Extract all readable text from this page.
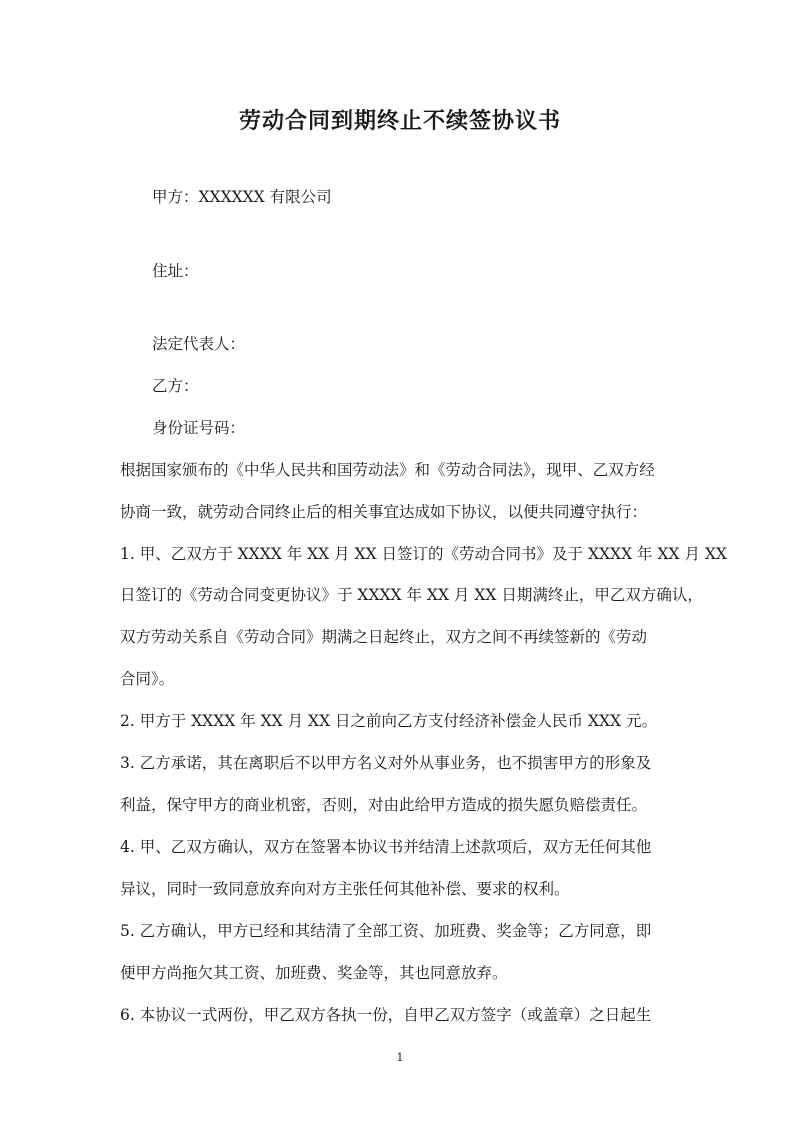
劳动合同到期终止不续签协议书

甲方：XXXXXX 有限公司

住址：

法定代表人：

乙方：

身份证号码：

根据国家颁布的《中华人民共和国劳动法》和《劳动合同法》，现甲、乙双方经

协商一致，就劳动合同终止后的相关事宜达成如下协议，以便共同遵守执行：

1. 甲、乙双方于 XXXX 年 XX 月 XX 日签订的《劳动合同书》及于 XXXX 年 XX 月 XX

日签订的《劳动合同变更协议》于 XXXX 年 XX 月 XX 日期满终止，甲乙双方确认，

双方劳动关系自《劳动合同》期满之日起终止，双方之间不再续签新的《劳动

合同》。

2. 甲方于 XXXX 年 XX 月 XX 日之前向乙方支付经济补偿金人民币 XXX 元。

3. 乙方承诺，其在离职后不以甲方名义对外从事业务，也不损害甲方的形象及

利益，保守甲方的商业机密，否则，对由此给甲方造成的损失愿负赔偿责任。

4. 甲、乙双方确认，双方在签署本协议书并结清上述款项后，双方无任何其他

异议，同时一致同意放弃向对方主张任何其他补偿、要求的权利。

5. 乙方确认，甲方已经和其结清了全部工资、加班费、奖金等；乙方同意，即

便甲方尚拖欠其工资、加班费、奖金等，其也同意放弃。

6. 本协议一式两份，甲乙双方各执一份，自甲乙双方签字（或盖章）之日起生

1
